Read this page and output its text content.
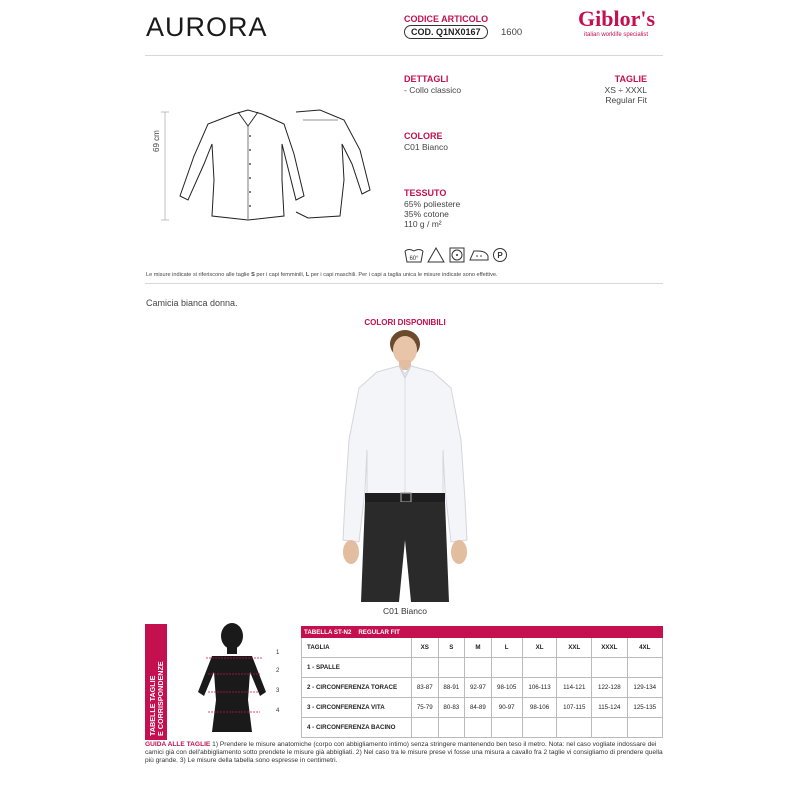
AURORA	CODICE ARTICOLO
COD. Q1NX0167	1600
Giblor's
italian worklife specialist
69 cm
DETTAGLI
- Collo classico
TAGLIE
XS ÷ XXXL
Regular Fit
COLORE
C01 Bianco
TESSUTO
65% poliestere
35% cotone
110 g / m²
60°	P
Le misure indicate si riferiscono alle taglie S per i capi femminili, L per i capi maschili. Per i capi a taglia unica le misure indicate sono effettive.
Camicia bianca donna.
COLORI DISPONIBILI
C01 Bianco
TABELLE TAGLIE E CORRISPONDENZE
1
2
3
4
TABELLA ST-N2 REGULAR FIT								
TAGLIA	XS	S	M	L	XL	XXL	XXXL	4XL
1 - SPALLE								
2 - CIRCONFERENZA TORACE	83-87	88-91	92-97	98-105	106-113	114-121	122-128	129-134
3 - CIRCONFERENZA VITA	75-79	80-83	84-89	90-97	98-106	107-115	115-124	125-135
4 - CIRCONFERENZA BACINO								
GUIDA ALLE TAGLIE 1) Prendere le misure anatomiche (corpo con abbigliamento intimo) senza stringere mantenendo ben teso il metro. Nota: nel caso vogliate indossare dei camici già con dell'abbigliamento sotto prendete le misure già abbigliati. 2) Nel caso tra le misure prese vi fosse una misura a cavallo fra 2 taglie vi consigliamo di prendere quella più grande. 3) Le misure della tabella sono espresse in centimetri.
